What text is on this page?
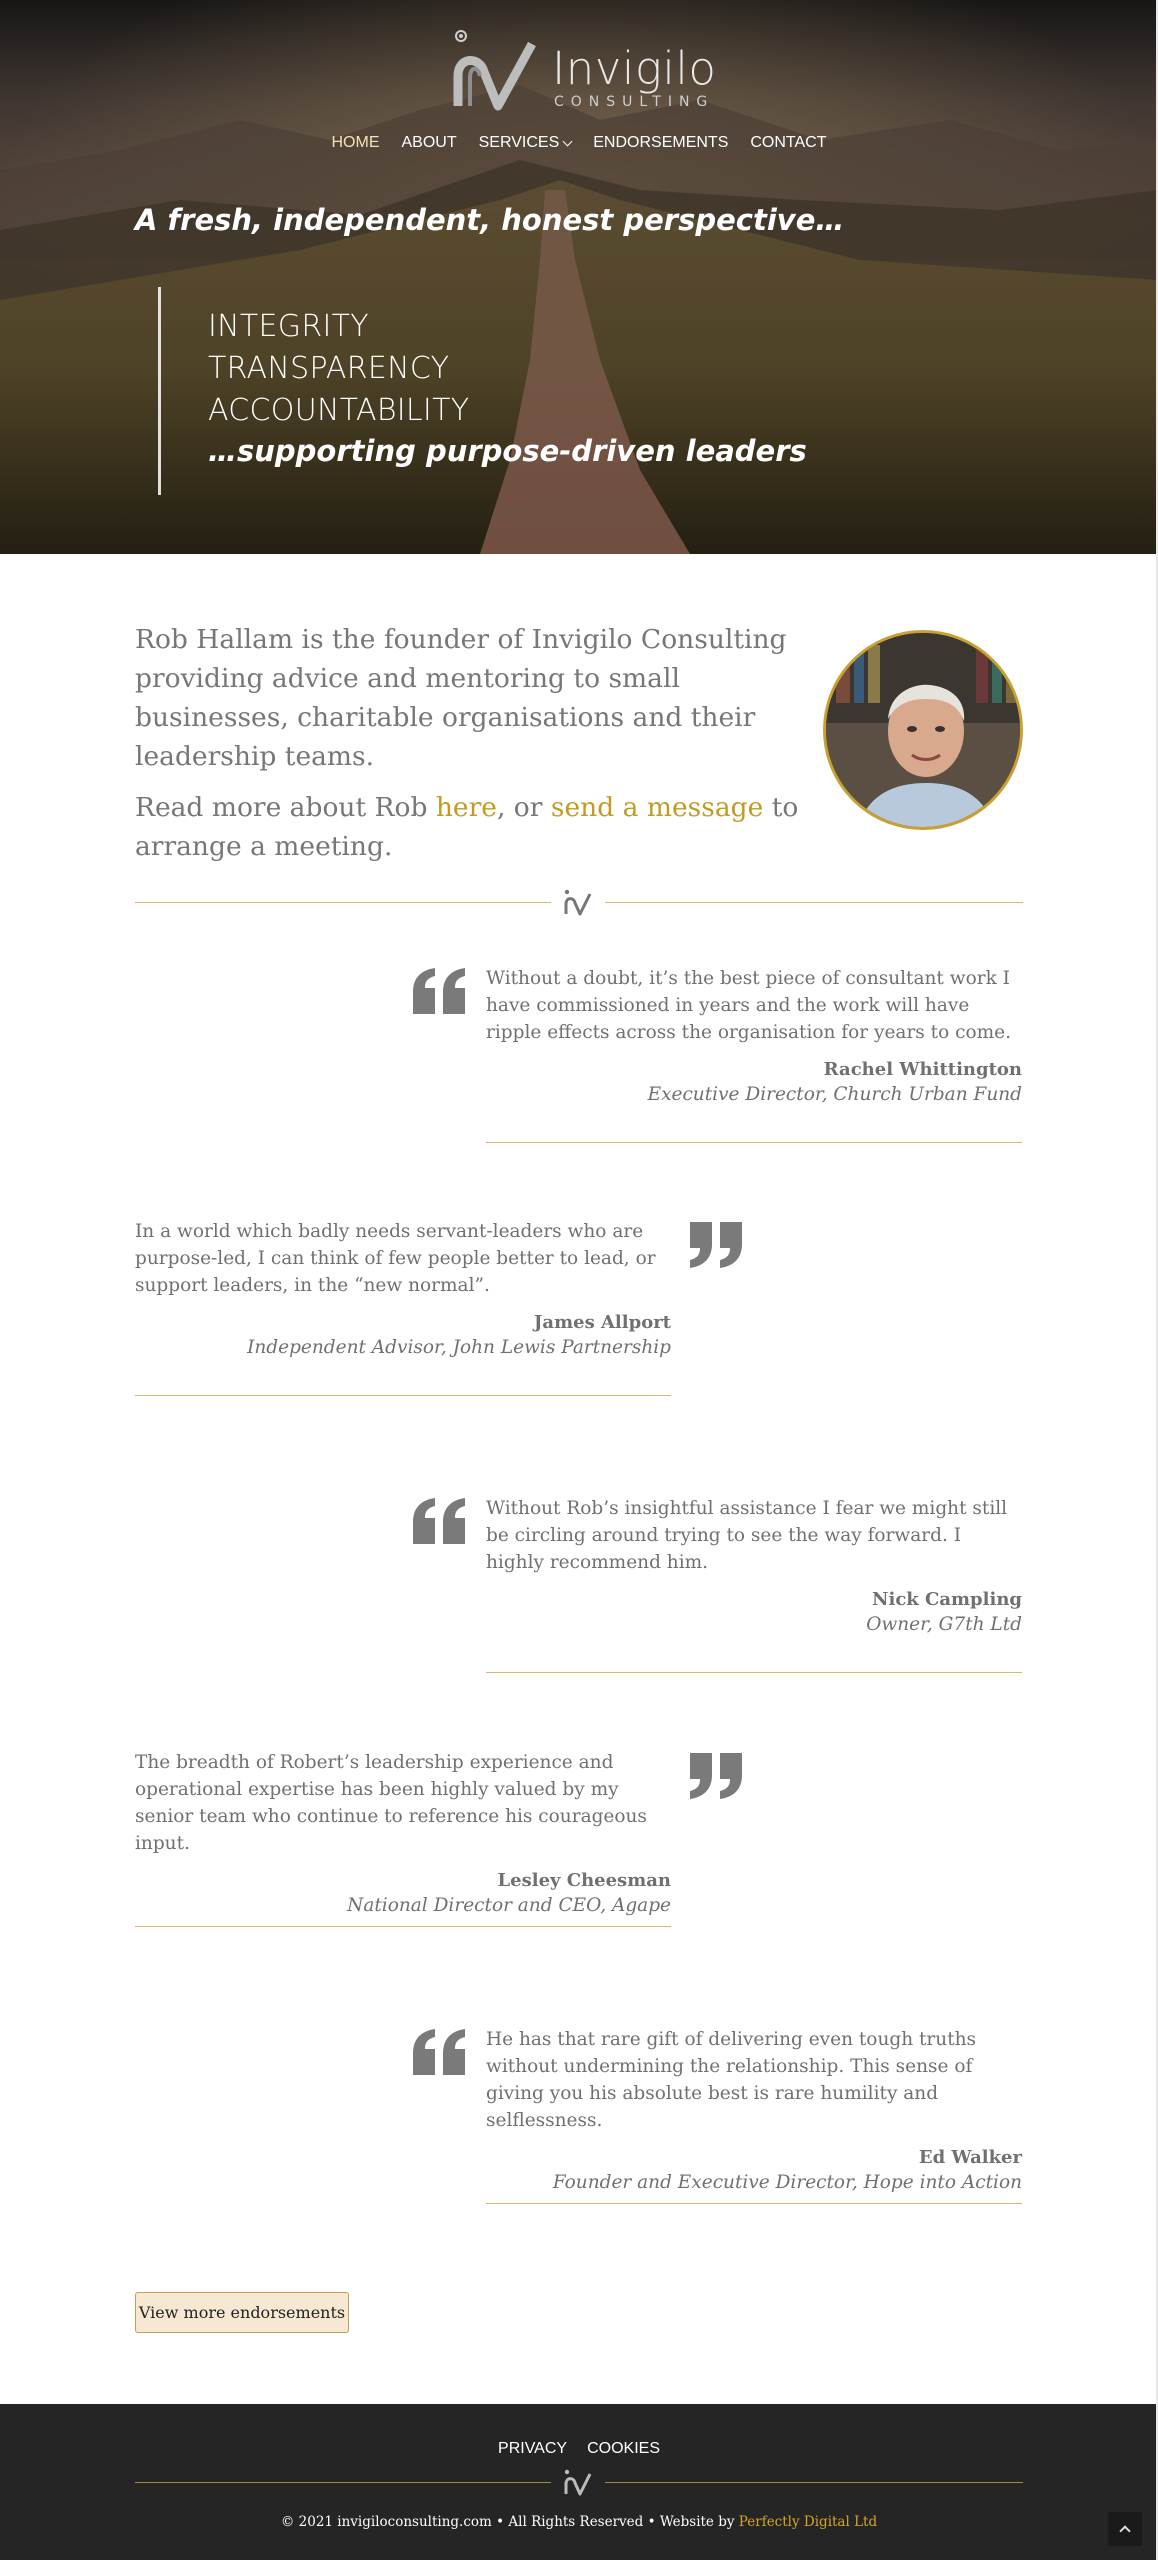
Invigilo
CONSULTING
HOME	ABOUT	SERVICES	ENDORSEMENTS	CONTACT
A fresh, independent, honest perspective…
INTEGRITY
TRANSPARENCY
ACCOUNTABILITY
…supporting purpose-driven leaders

Rob Hallam is the founder of Invigilo Consulting providing advice and mentoring to small businesses, charitable organisations and their leadership teams.

Read more about Rob here, or send a message to arrange a meeting.

Without a doubt, it’s the best piece of consultant work I have commissioned in years and the work will have ripple effects across the organisation for years to come.
Rachel Whittington
Executive Director, Church Urban Fund
In a world which badly needs servant-leaders who are purpose-led, I can think of few people better to lead, or support leaders, in the “new normal”.
James Allport
Independent Advisor, John Lewis Partnership
Without Rob’s insightful assistance I fear we might still be circling around trying to see the way forward. I highly recommend him.
Nick Campling
Owner, G7th Ltd
The breadth of Robert’s leadership experience and operational expertise has been highly valued by my senior team who continue to reference his courageous input.
Lesley Cheesman
National Director and CEO, Agape
He has that rare gift of delivering even tough truths without undermining the relationship. This sense of giving you his absolute best is rare humility and selflessness.
Ed Walker
Founder and Executive Director, Hope into Action
View more endorsements
PRIVACY COOKIES
© 2021 invigiloconsulting.com • All Rights Reserved • Website by Perfectly Digital Ltd
